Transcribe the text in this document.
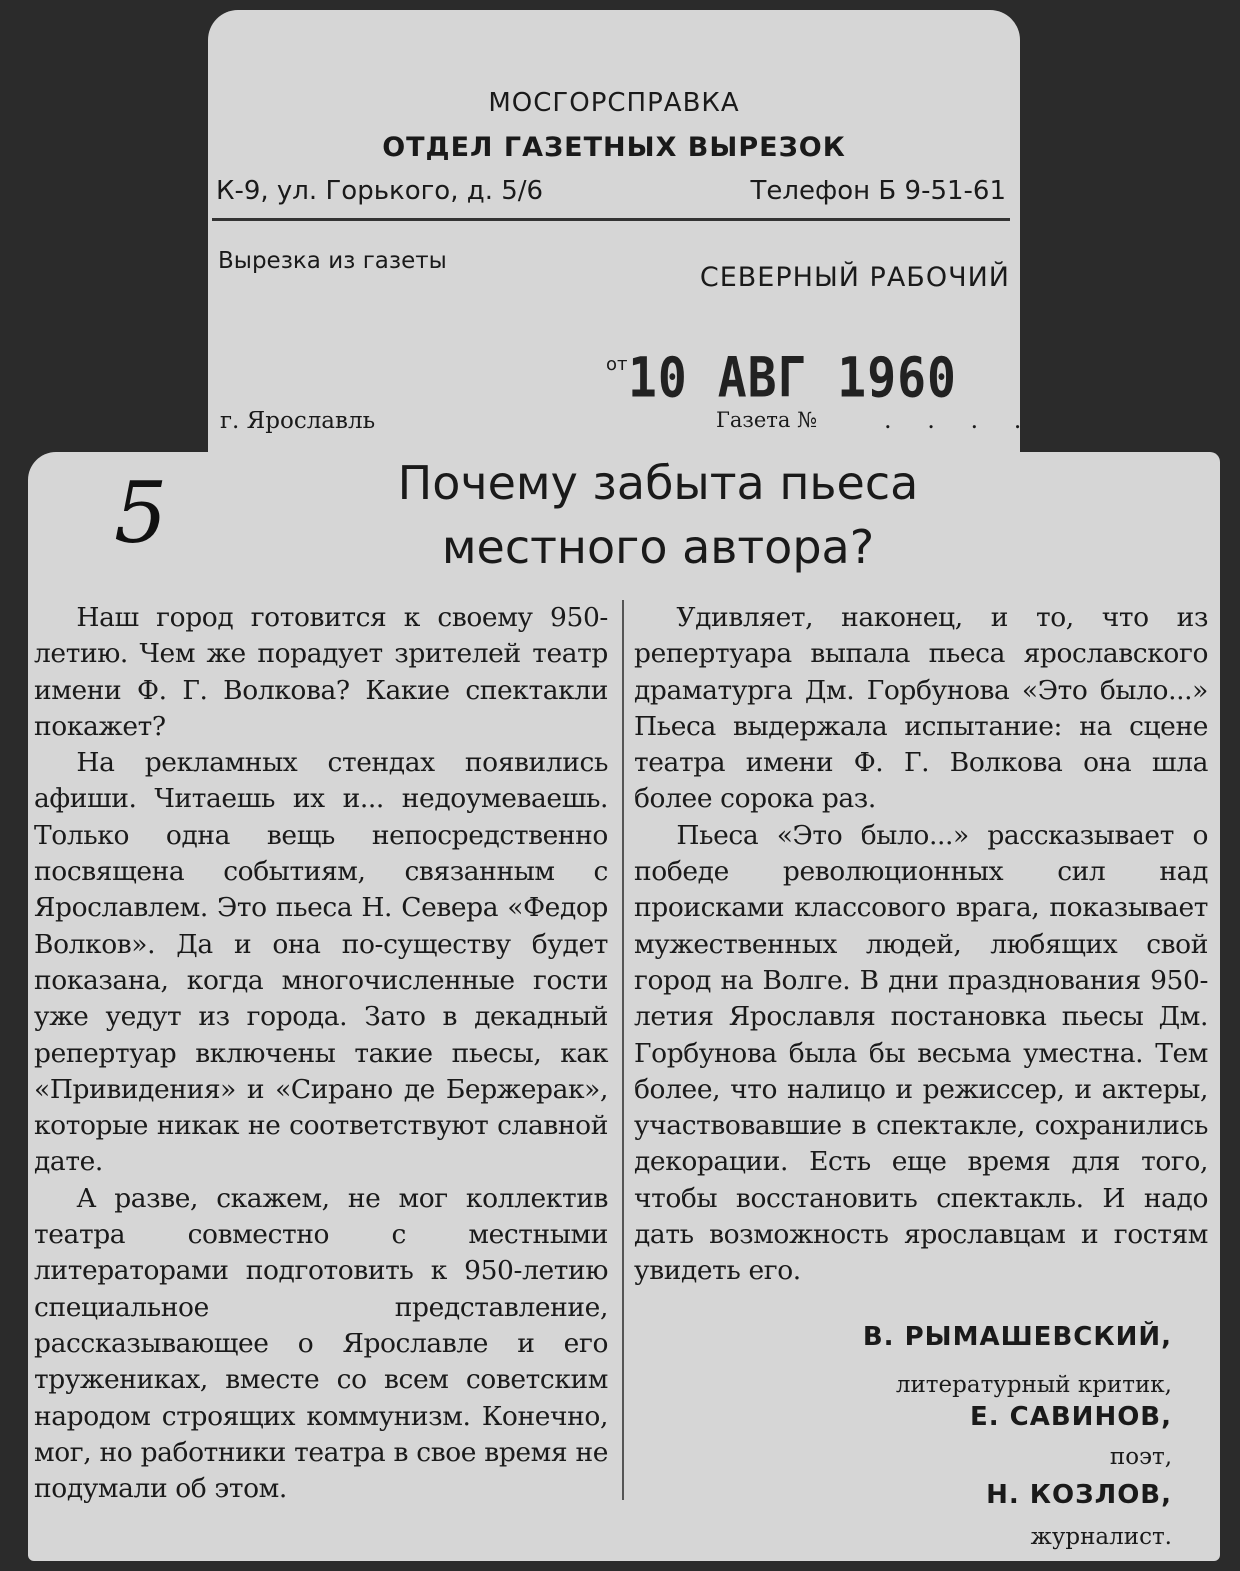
МОСГОРСПРАВКА
ОТДЕЛ ГАЗЕТНЫХ ВЫРЕЗОК
К-9, ул. Горького, д. 5/6	Телефон Б 9-51-61
Вырезка из газеты
СЕВЕРНЫЙ РАБОЧИЙ
от 10 АВГ 1960
г. Ярославль	Газета №	. . . .
5	Почему забыта пьеса
местного автора?

Наш город готовится к своему 950-летию. Чем же порадует зрителей театр имени Ф. Г. Волкова? Какие спектакли покажет?

На рекламных стендах появились афиши. Читаешь их и... недоумеваешь. Только одна вещь непосредственно посвящена событиям, связанным с Ярославлем. Это пьеса Н. Севера «Федор Волков». Да и она по-существу будет показана, когда многочисленные гости уже уедут из города. Зато в декадный репертуар включены такие пьесы, как «Привидения» и «Сирано де Бержерак», которые никак не соответствуют славной дате.

А разве, скажем, не мог коллектив театра совместно с местными литераторами подготовить к 950-летию специальное представление, рассказывающее о Ярославле и его тружениках, вместе со всем советским народом строящих коммунизм. Конечно, мог, но работники театра в свое время не подумали об этом.

Удивляет, наконец, и то, что из репертуара выпала пьеса ярославского драматурга Дм. Горбунова «Это было...» Пьеса выдержала испытание: на сцене театра имени Ф. Г. Волкова она шла более сорока раз.

Пьеса «Это было...» рассказывает о победе революционных сил над происками классового врага, показывает мужественных людей, любящих свой город на Волге. В дни празднования 950-летия Ярославля постановка пьесы Дм. Горбунова была бы весьма уместна. Тем более, что налицо и режиссер, и актеры, участвовавшие в спектакле, сохранились декорации. Есть еще время для того, чтобы восстановить спектакль. И надо дать возможность ярославцам и гостям увидеть его.

В. РЫМАШЕВСКИЙ,
литературный критик,
Е. САВИНОВ,
поэт,
Н. КОЗЛОВ,
журналист.
